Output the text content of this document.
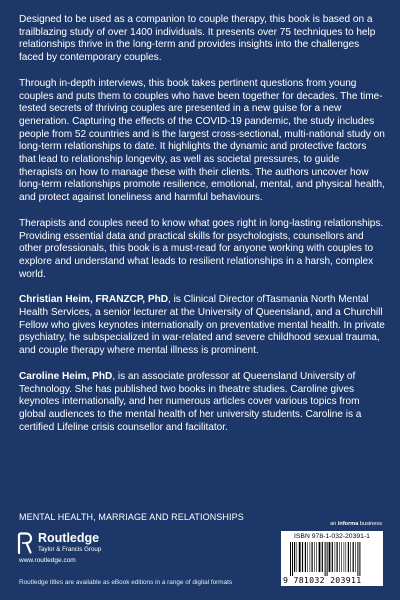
Designed to be used as a companion to couple therapy, this book is based on a trailblazing study of over 1400 individuals. It presents over 75 techniques to help relationships thrive in the long-term and provides insights into the challenges faced by contemporary couples.

Through in-depth interviews, this book takes pertinent questions from young couples and puts them to couples who have been together for decades. The time-tested secrets of thriving couples are presented in a new guise for a new generation. Capturing the effects of the COVID-19 pandemic, the study includes people from 52 countries and is the largest cross-sectional, multi-national study on long-term relationships to date. It highlights the dynamic and protective factors that lead to relationship longevity, as well as societal pressures, to guide therapists on how to manage these with their clients. The authors uncover how long-term relationships promote resilience, emotional, mental, and physical health, and protect against loneliness and harmful behaviours.

Therapists and couples need to know what goes right in long-lasting relationships. Providing essential data and practical skills for psychologists, counsellors and other professionals, this book is a must-read for anyone working with couples to explore and understand what leads to resilient relationships in a harsh, complex world.

Christian Heim, FRANZCP, PhD, is Clinical Director ofTasmania North Mental Health Services, a senior lecturer at the University of Queensland, and a Churchill Fellow who gives keynotes internationally on preventative mental health. In private psychiatry, he subspecialized in war-related and severe childhood sexual trauma, and couple therapy where mental illness is prominent.

Caroline Heim, PhD, is an associate professor at Queensland University of Technology. She has published two books in theatre studies. Caroline gives keynotes internationally, and her numerous articles cover various topics from global audiences to the mental health of her university students. Caroline is a certified Lifeline crisis counsellor and facilitator.

MENTAL HEALTH, MARRIAGE AND RELATIONSHIPS
an informa business
Routledge
Taylor & Francis Group
www.routledge.com
ISBN 978-1-032-20391-1
9 781032 203911
Routledge titles are available as eBook editions in a range of digital formats
